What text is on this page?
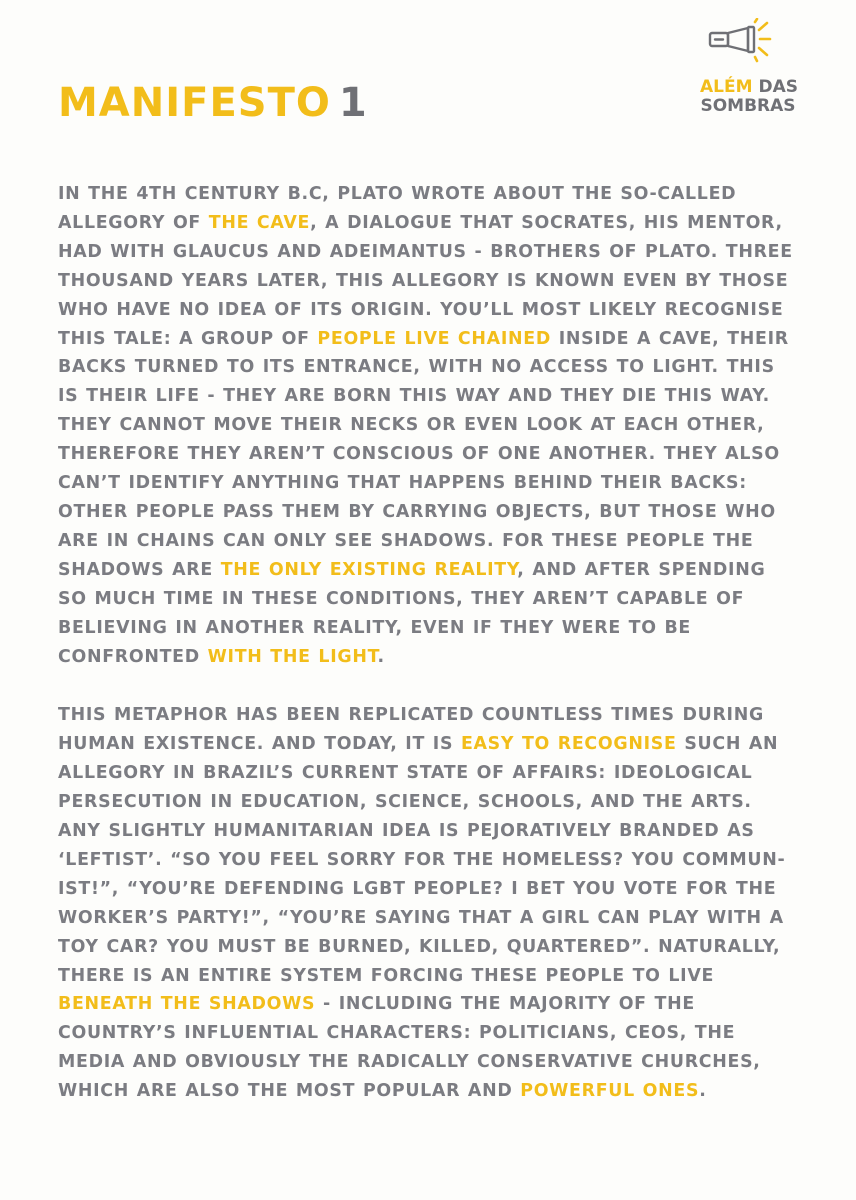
MANIFESTO 1	ALÉM DAS
SOMBRAS

IN THE 4TH CENTURY B.C, PLATO WROTE ABOUT THE SO-CALLED ALLEGORY OF THE CAVE, A DIALOGUE THAT SOCRATES, HIS MENTOR, HAD WITH GLAUCUS AND ADEIMANTUS - BROTHERS OF PLATO. THREE THOUSAND YEARS LATER, THIS ALLEGORY IS KNOWN EVEN BY THOSE WHO HAVE NO IDEA OF ITS ORIGIN. YOU’LL MOST LIKELY RECOGNISE THIS TALE: A GROUP OF PEOPLE LIVE CHAINED INSIDE A CAVE, THEIR BACKS TURNED TO ITS ENTRANCE, WITH NO ACCESS TO LIGHT. THIS IS THEIR LIFE - THEY ARE BORN THIS WAY AND THEY DIE THIS WAY. THEY CANNOT MOVE THEIR NECKS OR EVEN LOOK AT EACH OTHER, THEREFORE THEY AREN’T CONSCIOUS OF ONE ANOTHER. THEY ALSO CAN’T IDENTIFY ANYTHING THAT HAPPENS BEHIND THEIR BACKS: OTHER PEOPLE PASS THEM BY CARRYING OBJECTS, BUT THOSE WHO ARE IN CHAINS CAN ONLY SEE SHADOWS. FOR THESE PEOPLE THE SHADOWS ARE THE ONLY EXISTING REALITY, AND AFTER SPENDING SO MUCH TIME IN THESE CONDITIONS, THEY AREN’T CAPABLE OF BELIEVING IN ANOTHER REALITY, EVEN IF THEY WERE TO BE CONFRONTED WITH THE LIGHT.

THIS METAPHOR HAS BEEN REPLICATED COUNTLESS TIMES DURING HUMAN EXISTENCE. AND TODAY, IT IS EASY TO RECOGNISE SUCH AN ALLEGORY IN BRAZIL’S CURRENT STATE OF AFFAIRS: IDEOLOGICAL PERSECUTION IN EDUCATION, SCIENCE, SCHOOLS, AND THE ARTS. ANY SLIGHTLY HUMANITARIAN IDEA IS PEJORATIVELY BRANDED AS ‘LEFTIST’. “SO YOU FEEL SORRY FOR THE HOMELESS? YOU COMMUN-IST!”, “YOU’RE DEFENDING LGBT PEOPLE? I BET YOU VOTE FOR THE WORKER’S PARTY!”, “YOU’RE SAYING THAT A GIRL CAN PLAY WITH A TOY CAR? YOU MUST BE BURNED, KILLED, QUARTERED”. NATURALLY, THERE IS AN ENTIRE SYSTEM FORCING THESE PEOPLE TO LIVE BENEATH THE SHADOWS - INCLUDING THE MAJORITY OF THE COUNTRY’S INFLUENTIAL CHARACTERS: POLITICIANS, CEOS, THE MEDIA AND OBVIOUSLY THE RADICALLY CONSERVATIVE CHURCHES, WHICH ARE ALSO THE MOST POPULAR AND POWERFUL ONES.
